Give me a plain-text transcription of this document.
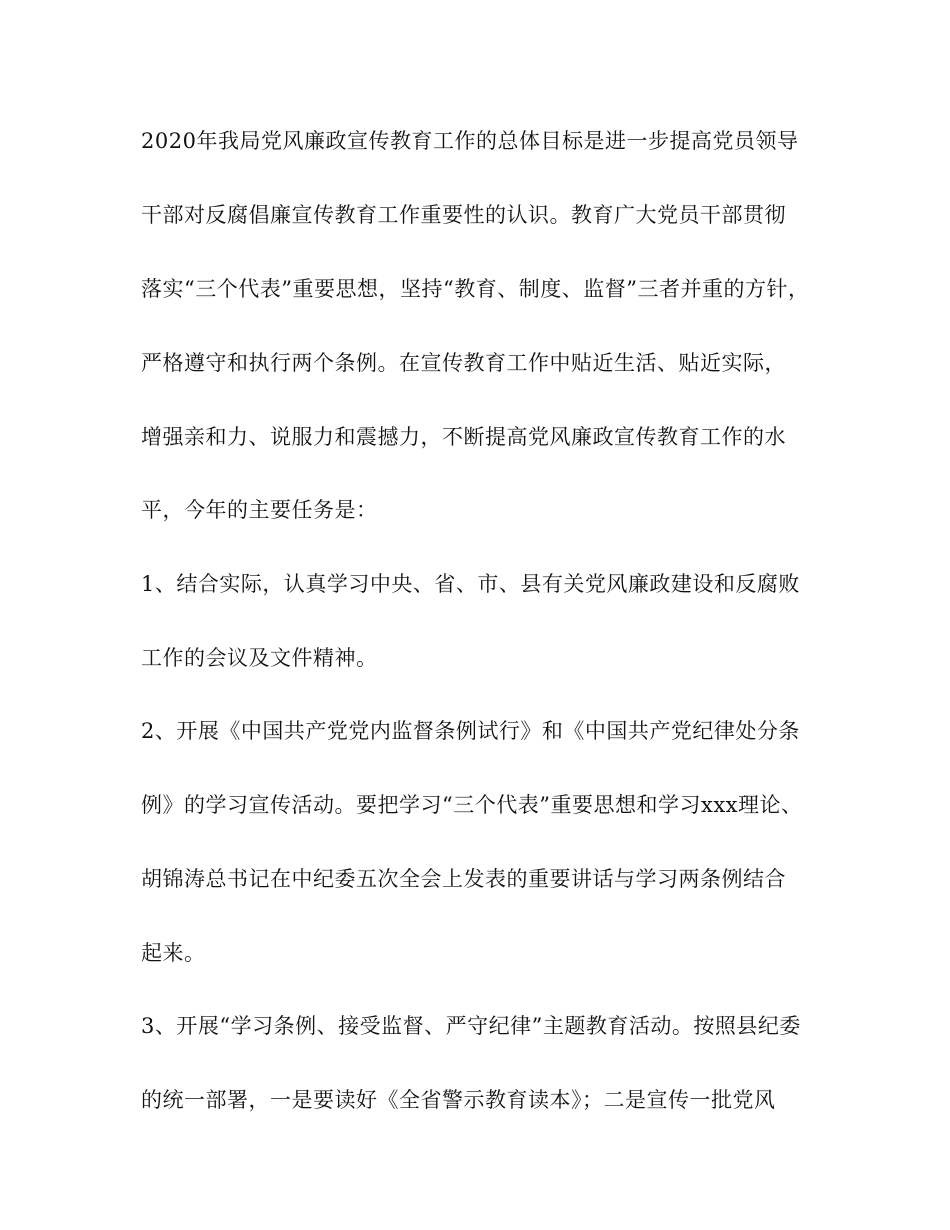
2020年我局党风廉政宣传教育工作的总体目标是进一步提高党员领导
干部对反腐倡廉宣传教育工作重要性的认识。教育广大党员干部贯彻
落实“三个代表”重要思想，坚持“教育、制度、监督”三者并重的方针，
严格遵守和执行两个条例。在宣传教育工作中贴近生活、贴近实际，
增强亲和力、说服力和震撼力，不断提高党风廉政宣传教育工作的水
平，今年的主要任务是：
1、结合实际，认真学习中央、省、市、县有关党风廉政建设和反腐败
工作的会议及文件精神。
2、开展《中国共产党党内监督条例试行》和《中国共产党纪律处分条
例》的学习宣传活动。要把学习“三个代表”重要思想和学习xxx理论、
胡锦涛总书记在中纪委五次全会上发表的重要讲话与学习两条例结合
起来。
3、开展“学习条例、接受监督、严守纪律”主题教育活动。按照县纪委
的统一部署，一是要读好《全省警示教育读本》；二是宣传一批党风
